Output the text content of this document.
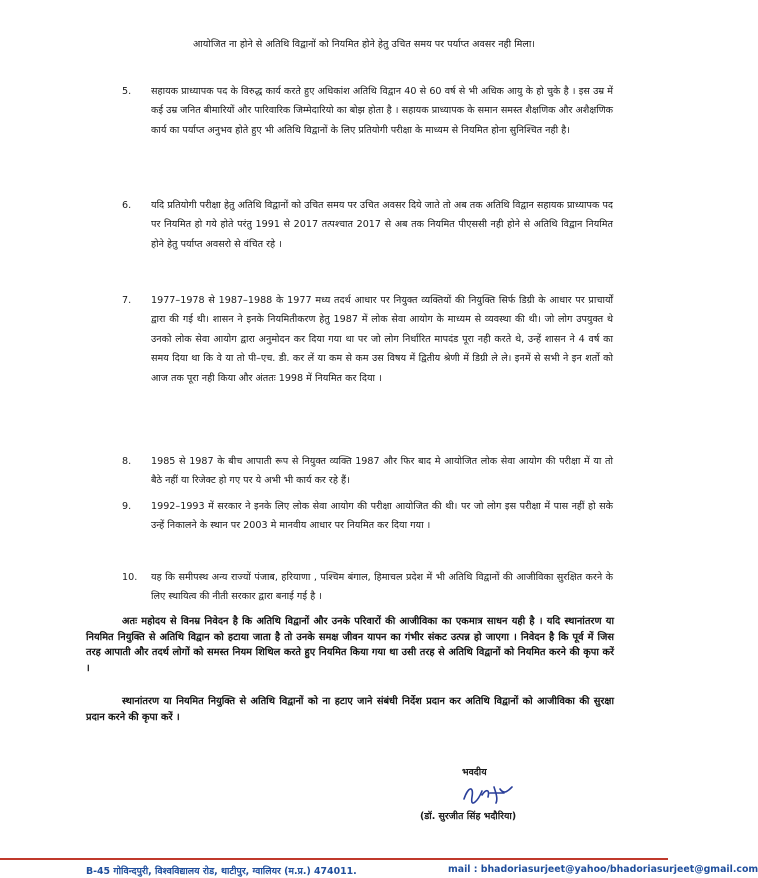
आयोजित ना होने से अतिथि विद्वानों को नियमित होने हेतु उचित समय पर पर्याप्त अवसर नही मिला।
5. सहायक प्राध्यापक पद के विरुद्ध कार्य करते हुए अधिकांश अतिथि विद्वान 40 से 60 वर्ष से भी अधिक आयु के हो चुके है । इस उम्र में कई उम्र जनित बीमारियों और पारिवारिक जिम्मेदारियो का बोझ होता है । सहायक प्राध्यापक के समान समस्त शैक्षणिक और अशैक्षणिक कार्य का पर्याप्त अनुभव होते हुए भी अतिथि विद्वानों के लिए प्रतियोगी परीक्षा के माध्यम से नियमित होना सुनिश्चित नही है।
6. यदि प्रतियोगी परीक्षा हेतु अतिथि विद्वानों को उचित समय पर उचित अवसर दिये जाते तो अब तक अतिथि विद्वान सहायक प्राध्यापक पद पर नियमित हो गये होते परंतु 1991 से 2017 तत्पश्चात 2017 से अब तक नियमित पीएससी नही होने से अतिथि विद्वान नियमित होने हेतु पर्याप्त अवसरो से वंचित रहे ।
7. 1977–1978 से 1987–1988 के 1977 मध्य तदर्थ आधार पर नियुक्त व्यक्तियों की नियुक्ति सिर्फ डिग्री के आधार पर प्राचार्यों द्वारा की गई थी। शासन ने इनके नियमितीकरण हेतु 1987 में लोक सेवा आयोग के माध्यम से व्यवस्था की थी। जो लोग उपयुक्त थे उनको लोक सेवा आयोग द्वारा अनुमोदन कर दिया गया था पर जो लोग निर्धारित मापदंड पूरा नही करते थे, उन्हें शासन ने 4 वर्ष का समय दिया था कि वे या तो पी–एच. डी. कर लें या कम से कम उस विषय में द्वितीय श्रेणी में डिग्री ले ले। इनमें से सभी ने इन शर्तो को आज तक पूरा नही किया और अंततः 1998 में नियमित कर दिया ।
8. 1985 से 1987 के बीच आपाती रूप से नियुक्त व्यक्ति 1987 और फिर बाद मे आयोजित लोक सेवा आयोग की परीक्षा में या तो बैठे नहीं या रिजेक्ट हो गए पर ये अभी भी कार्य कर रहे हैं।
9. 1992–1993 में सरकार ने इनके लिए लोक सेवा आयोग की परीक्षा आयोजित की थी। पर जो लोग इस परीक्षा में पास नहीं हो सके उन्हें निकालने के स्थान पर 2003 मे मानवीय आधार पर नियमित कर दिया गया ।
10. यह कि समीपस्थ अन्य राज्यों पंजाब, हरियाणा , पश्चिम बंगाल, हिमाचल प्रदेश में भी अतिथि विद्वानों की आजीविका सुरक्षित करने के लिए स्थायित्व की नीती सरकार द्वारा बनाई गई है ।
अतः महोदय से विनम्र निवेदन है कि अतिथि विद्वानों और उनके परिवारों की आजीविका का एकमात्र साधन यही है । यदि स्थानांतरण या नियमित नियुक्ति से अतिथि विद्वान को हटाया जाता है तो उनके समक्ष जीवन यापन का गंभीर संकट उत्पन्न हो जाएगा । निवेदन है कि पूर्व में जिस तरह आपाती और तदर्थ लोगों को समस्त नियम शिथिल करते हुए नियमित किया गया था उसी तरह से अतिथि विद्वानों को नियमित करने की कृपा करें ।
स्थानांतरण या नियमित नियुक्ति से अतिथि विद्वानों को ना हटाए जाने संबंधी निर्देश प्रदान कर अतिथि विद्वानों को आजीविका की सुरक्षा प्रदान करने की कृपा करें ।
भवदीय
(डॉ. सुरजीत सिंह भदौरिया)
B-45 गोविन्दपुरी, विश्वविद्यालय रोड, थाटीपुर, ग्वालियर (म.प्र.) 474011.	mail : bhadoriasurjeet@yahoo/bhadoriasurjeet@gmail.com
